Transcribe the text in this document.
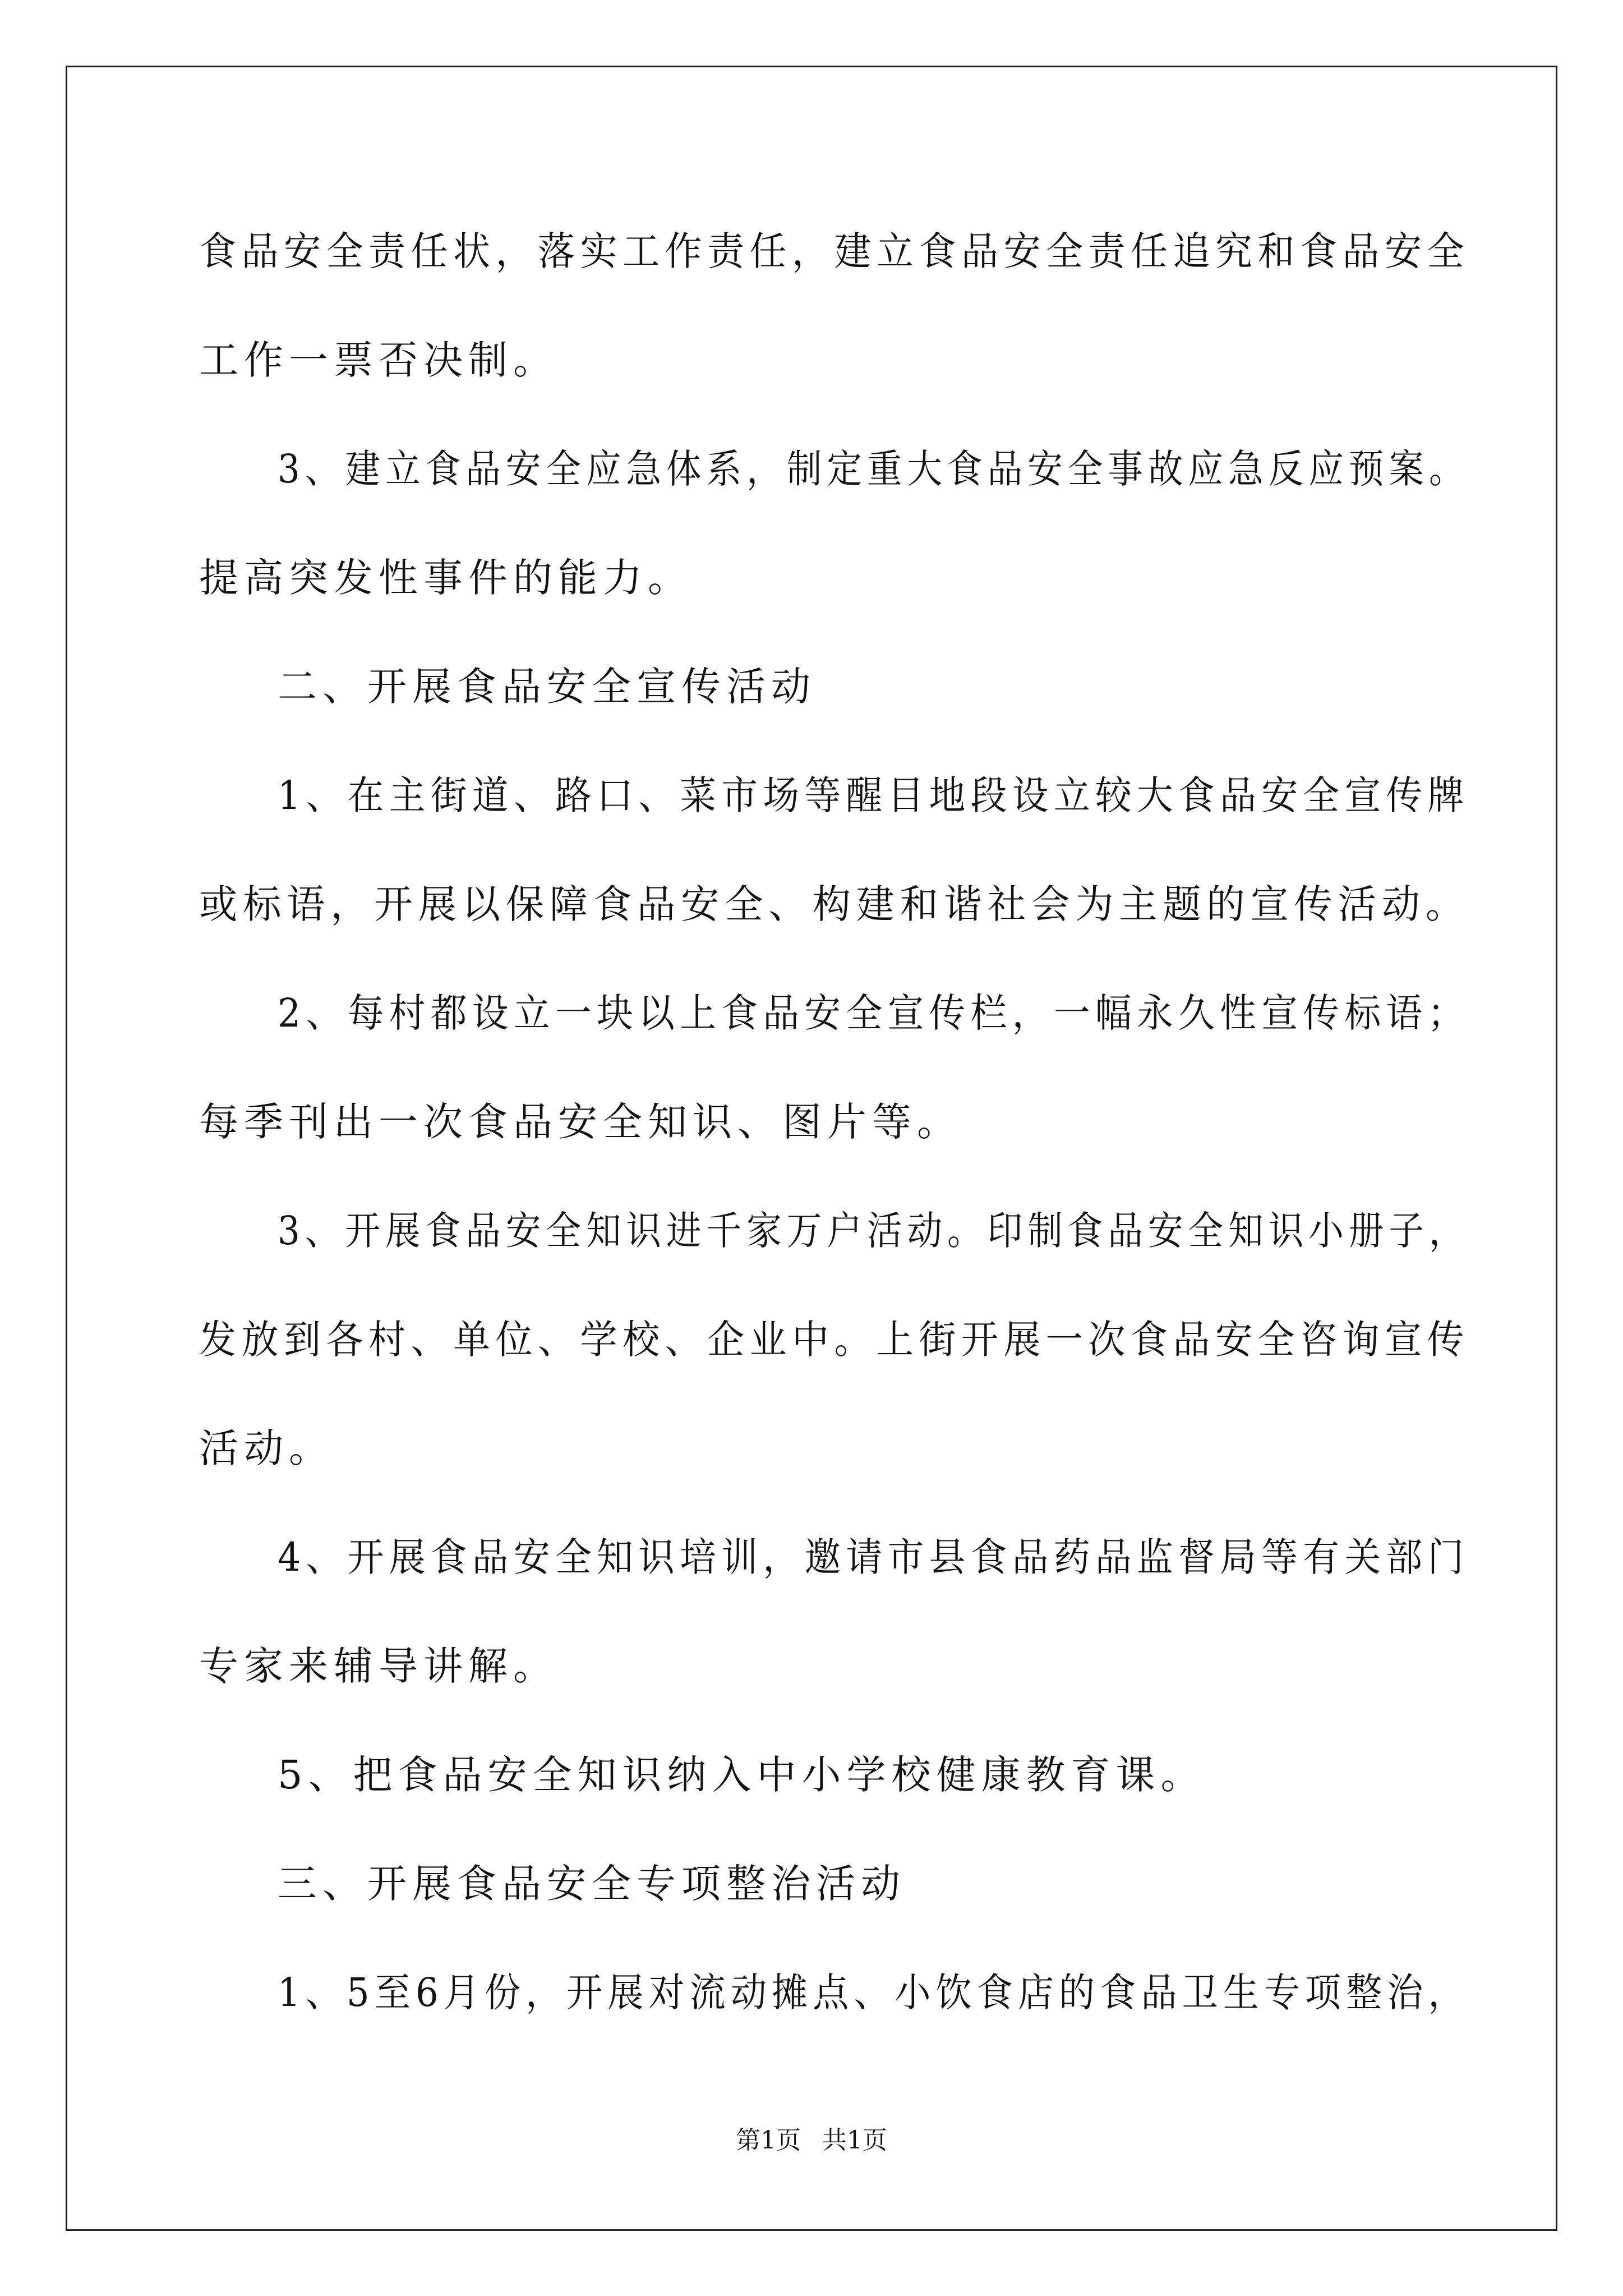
食品安全责任状，落实工作责任，建立食品安全责任追究和食品安全
工作一票否决制。
3、建立食品安全应急体系，制定重大食品安全事故应急反应预案。
提高突发性事件的能力。
二、开展食品安全宣传活动
1、在主街道、路口、菜市场等醒目地段设立较大食品安全宣传牌
或标语，开展以保障食品安全、构建和谐社会为主题的宣传活动。
2、每村都设立一块以上食品安全宣传栏，一幅永久性宣传标语；
每季刊出一次食品安全知识、图片等。
3、开展食品安全知识进千家万户活动。印制食品安全知识小册子，
发放到各村、单位、学校、企业中。上街开展一次食品安全咨询宣传
活动。
4、开展食品安全知识培训，邀请市县食品药品监督局等有关部门
专家来辅导讲解。
5、把食品安全知识纳入中小学校健康教育课。
三、开展食品安全专项整治活动
1、5至6月份，开展对流动摊点、小饮食店的食品卫生专项整治，
第1页 共1页
